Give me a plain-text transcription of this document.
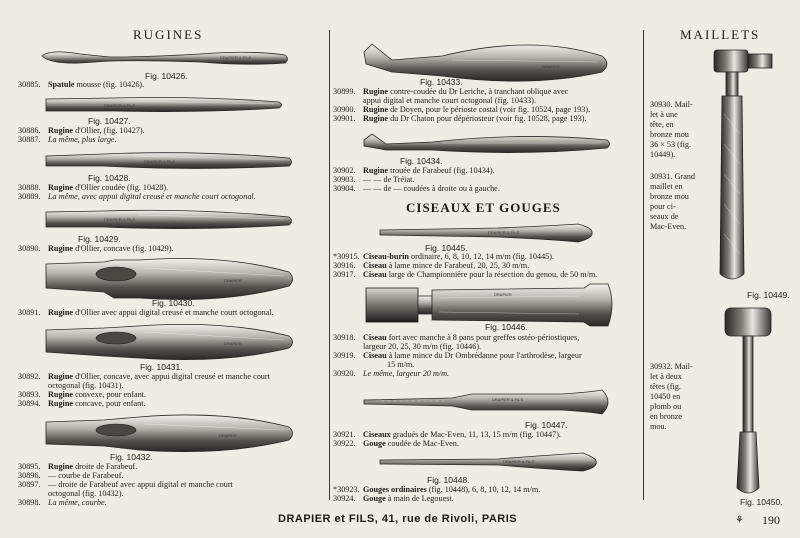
RUGINES
DRAPIER & FILS
Fig. 10426.
30885. Spatule mousse (fig. 10426).
DRAPIER & FILS
Fig. 10427.
30886. Rugine d'Ollier, (fig. 10427).
30887. La même, plus large.
DRAPIER & FILS
Fig. 10428.
30888. Rugine d'Ollier coudée (fig. 10428).
30889. La même, avec appui digital creusé et manche court octogonal.
DRAPIER & FILS
Fig. 10429.
30890. Rugine d'Ollier, concave (fig. 10429).
DRAPIER
Fig. 10430.
30891. Rugine d'Ollier avec appui digital creusé et manche court octogonal.
DRAPIER
Fig. 10431.
30892. Rugine d'Ollier, concave, avec appui digital creusé et manche court
octogonal (fig. 10431).
30893. Rugine convexe, pour enfant.
30894. Rugine concave, pour enfant.
DRAPIER
Fig. 10432.
30895. Rugine droite de Farabeuf.
30896. — courbe de Farabeuf.
30897. — droite de Farabeuf avec appui digital et manche court
octogonal (fig. 10432).
30898. La même, courbe.
DRAPIER
Fig. 10433.
30899. Rugine contre-coudée du Dr Leriche, à tranchant oblique avec
appui digital et manche court octogonal (fig. 10433).
30900. Rugine de Doyen, pour le périoste costal (voir fig. 10524, page 193).
30901. Rugine du Dr Chaton pour dépériosteur (voir fig. 10528, page 193).
Fig. 10434.
30902. Rugine trouée de Farabeuf (fig. 10434).
30903. — — de Tréiat.
30904. — — de — coudées à droite ou à gauche.
CISEAUX ET GOUGES
DRAPIER & FILS
Fig. 10445.
*30915. Ciseau-burin ordinaire, 6, 8, 10, 12, 14 m/m (fig. 10445).
30916. Ciseau à lame mince de Farabeuf, 20, 25, 30 m/m.
30917. Ciseau large de Championnière pour la résection du genou, de 50 m/m.
DRAPIER
Fig. 10446.
30918. Ciseau fort avec manche à 8 pans pour greffes ostéo-périostiques,
largeur 20, 25, 30 m/m (fig. 10446).
30919. Ciseau à lame mince du Dr Ombrédanne pour l'arthrodèse, largeur
15 m/m.
30920. Le même, largeur 20 m/m.
DRAPIER & FILS
Fig. 10447.
30921. Ciseaux gradués de Mac-Even, 11, 13, 15 m/m (fig. 10447).
30922. Gouge coudée de Mac-Even.
DRAPIER & FILS
Fig. 10448.
*30923. Gouges ordinaires (fig. 10448), 6, 8, 10, 12, 14 m/m.
30924. Gouge à main de Legouest.
MAILLETS
30930. Mail-
let à une
tête, en
bronze mou
36 × 53 (fig.
10449).
30931. Grand
maillet en
bronze mou
pour ci-
seaux de
Mac-Even.
Fig. 10449.
30932. Mail-
let à deux
têtes (fig.
10450 en
plomb ou
en bronze
mou.
Fig. 10450.
DRAPIER et FILS, 41, rue de Rivoli, PARIS	⚘ 190
